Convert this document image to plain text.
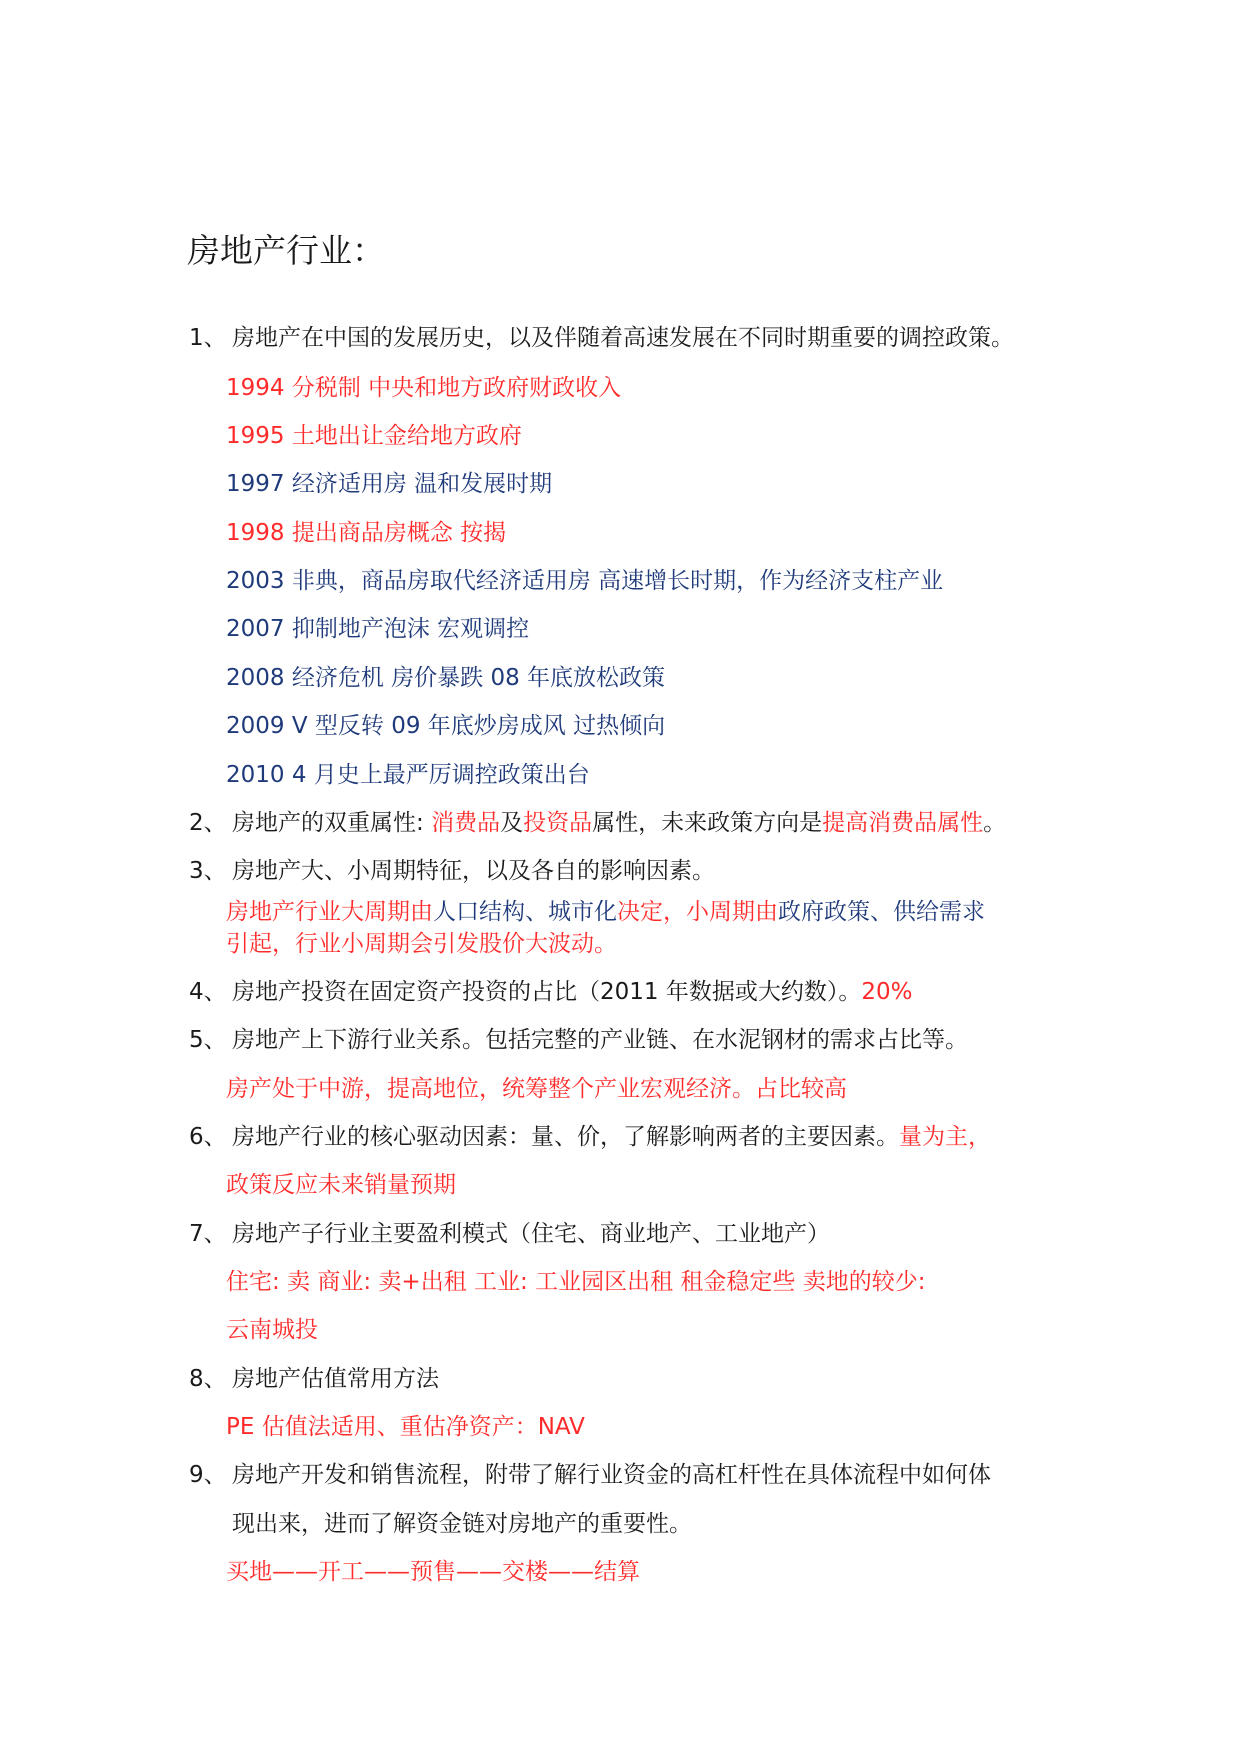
房地产行业：
1、 房地产在中国的发展历史，以及伴随着高速发展在不同时期重要的调控政策。
1994 分税制 中央和地方政府财政收入
1995 土地出让金给地方政府
1997 经济适用房 温和发展时期
1998 提出商品房概念 按揭
2003 非典，商品房取代经济适用房 高速增长时期，作为经济支柱产业
2007 抑制地产泡沫 宏观调控
2008 经济危机 房价暴跌 08 年底放松政策
2009 V 型反转 09 年底炒房成风 过热倾向
2010 4 月史上最严厉调控政策出台
2、 房地产的双重属性: 消费品及投资品属性，未来政策方向是提高消费品属性。
3、 房地产大、小周期特征，以及各自的影响因素。
房地产行业大周期由人口结构、城市化决定，小周期由政府政策、供给需求
引起，行业小周期会引发股价大波动。
4、 房地产投资在固定资产投资的占比（2011 年数据或大约数）。20%
5、 房地产上下游行业关系。包括完整的产业链、在水泥钢材的需求占比等。
房产处于中游，提高地位，统筹整个产业宏观经济。占比较高
6、 房地产行业的核心驱动因素：量、价，了解影响两者的主要因素。量为主，
政策反应未来销量预期
7、 房地产子行业主要盈利模式（住宅、商业地产、工业地产）
住宅: 卖 商业: 卖+出租 工业: 工业园区出租 租金稳定些 卖地的较少:
云南城投
8、 房地产估值常用方法
PE 估值法适用、重估净资产：NAV
9、 房地产开发和销售流程，附带了解行业资金的高杠杆性在具体流程中如何体
现出来，进而了解资金链对房地产的重要性。
买地——开工——预售——交楼——结算
